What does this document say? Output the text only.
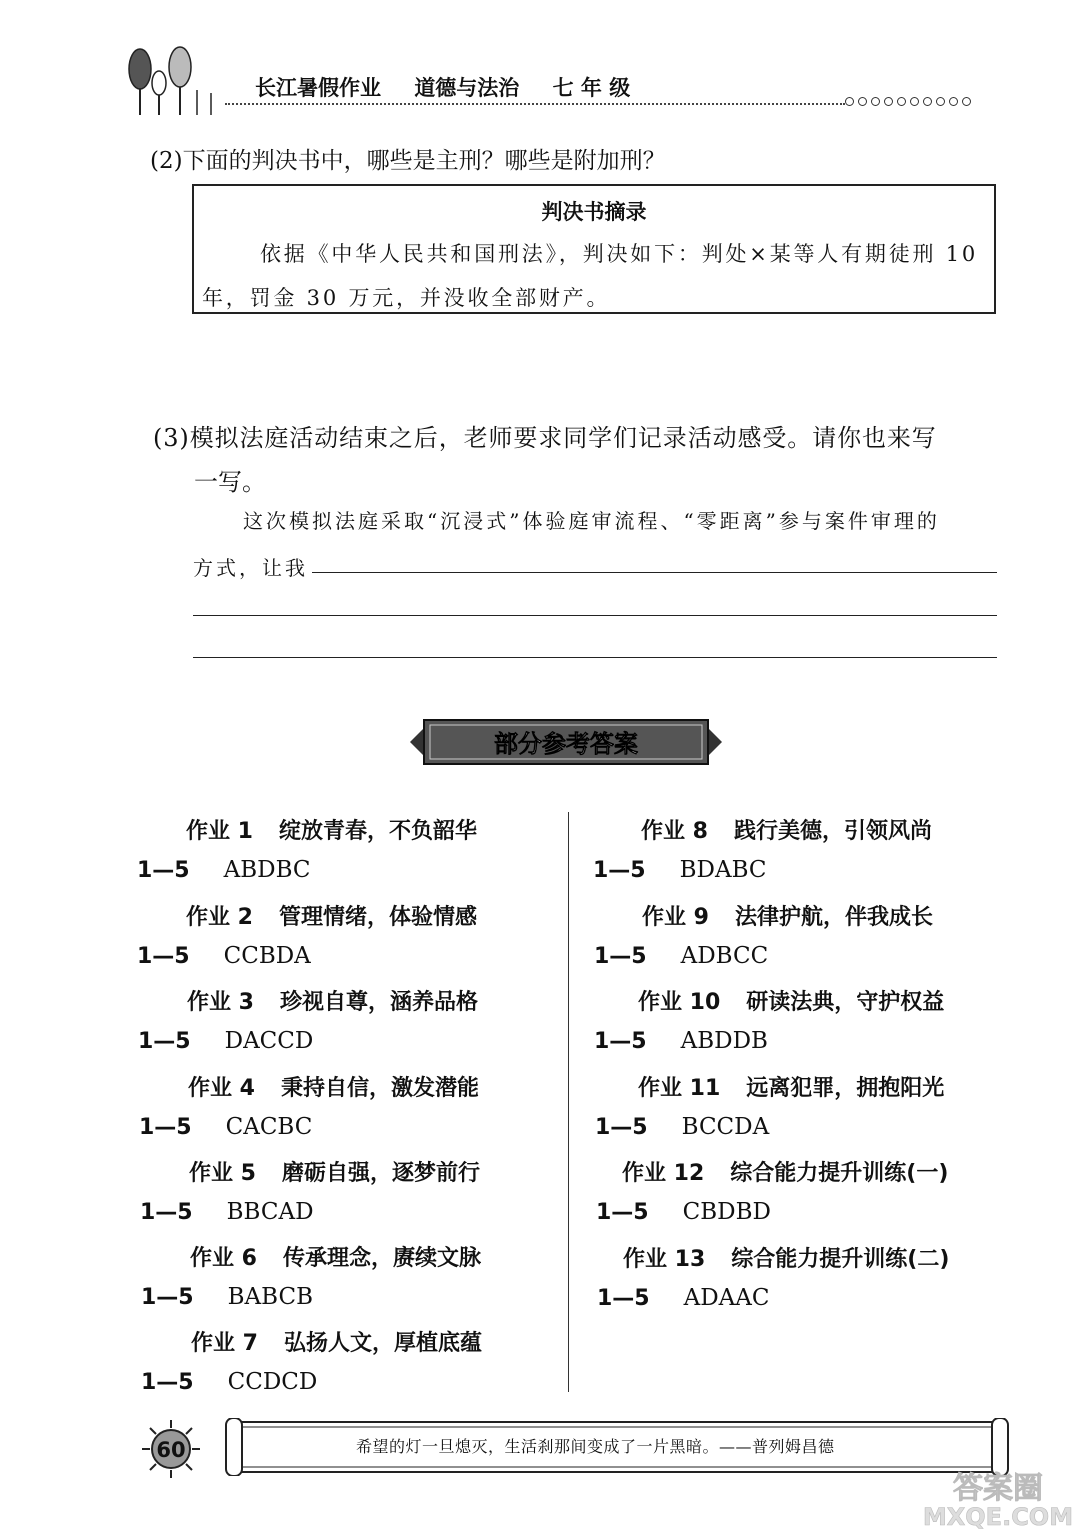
长江暑假作业 道德与法治 七 年 级
(2)下面的判决书中，哪些是主刑？哪些是附加刑？
判决书摘录
依据《中华人民共和国刑法》，判决如下：判处×某等人有期徒刑 10
年，罚金 30 万元，并没收全部财产。
(3)模拟法庭活动结束之后，老师要求同学们记录活动感受。请你也来写
一写。
这次模拟法庭采取“沉浸式”体验庭审流程、“零距离”参与案件审理的
方式，让我
部分参考答案
作业 1 绽放青春，不负韶华
1—5 ABDBC
作业 2 管理情绪，体验情感
1—5 CCBDA
作业 3 珍视自尊，涵养品格
1—5 DACCD
作业 4 秉持自信，激发潜能
1—5 CACBC
作业 5 磨砺自强，逐梦前行
1—5 BBCAD
作业 6 传承理念，赓续文脉
1—5 BABCB
作业 7 弘扬人文，厚植底蕴
1—5 CCDCD
作业 8 践行美德，引领风尚
1—5 BDABC
作业 9 法律护航，伴我成长
1—5 ADBCC
作业 10 研读法典，守护权益
1—5 ABDDB
作业 11 远离犯罪，拥抱阳光
1—5 BCCDA
作业 12 综合能力提升训练(一)
1—5 CBDBD
作业 13 综合能力提升训练(二)
1—5 ADAAC
60	希望的灯一旦熄灭，生活刹那间变成了一片黑暗。——普列姆昌德
答案圈
MXQE.COM
